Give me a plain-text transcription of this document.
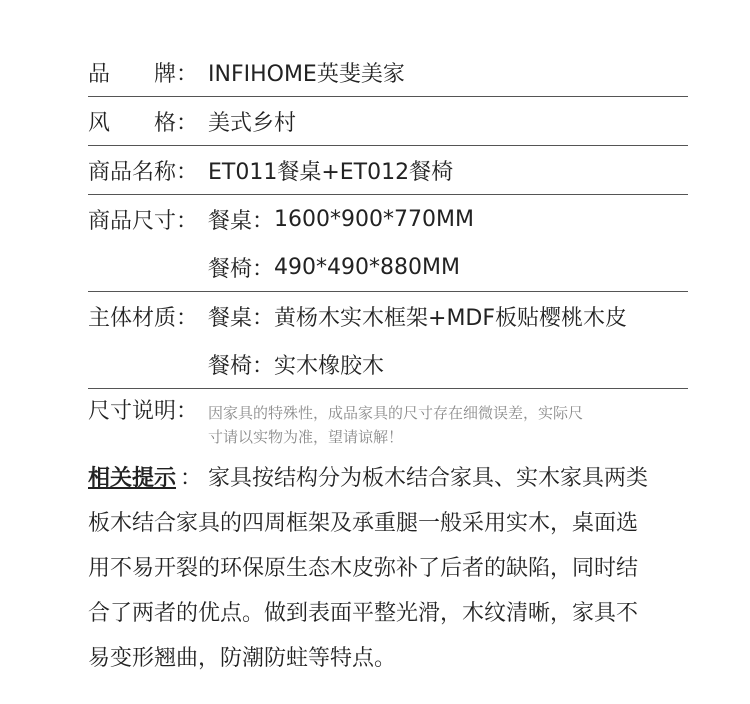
品　　牌： INFIHOME英斐美家
风　　格： 美式乡村
商品名称： ET011餐桌+ET012餐椅
商品尺寸： 餐桌： 1600*900*770MM
餐椅： 490*490*880MM
主体材质： 餐桌： 黄杨木实木框架+MDF板贴樱桃木皮
餐椅： 实木橡胶木
尺寸说明： 因家具的特殊性，成品家具的尺寸存在细微误差，实际尺
寸请以实物为准，望请谅解！
相关提示 ： 家具按结构分为板木结合家具、实木家具两类
板木结合家具的四周框架及承重腿一般采用实木，桌面选
用不易开裂的环保原生态木皮弥补了后者的缺陷，同时结
合了两者的优点。做到表面平整光滑，木纹清晰，家具不
易变形翘曲，防潮防蛀等特点。
